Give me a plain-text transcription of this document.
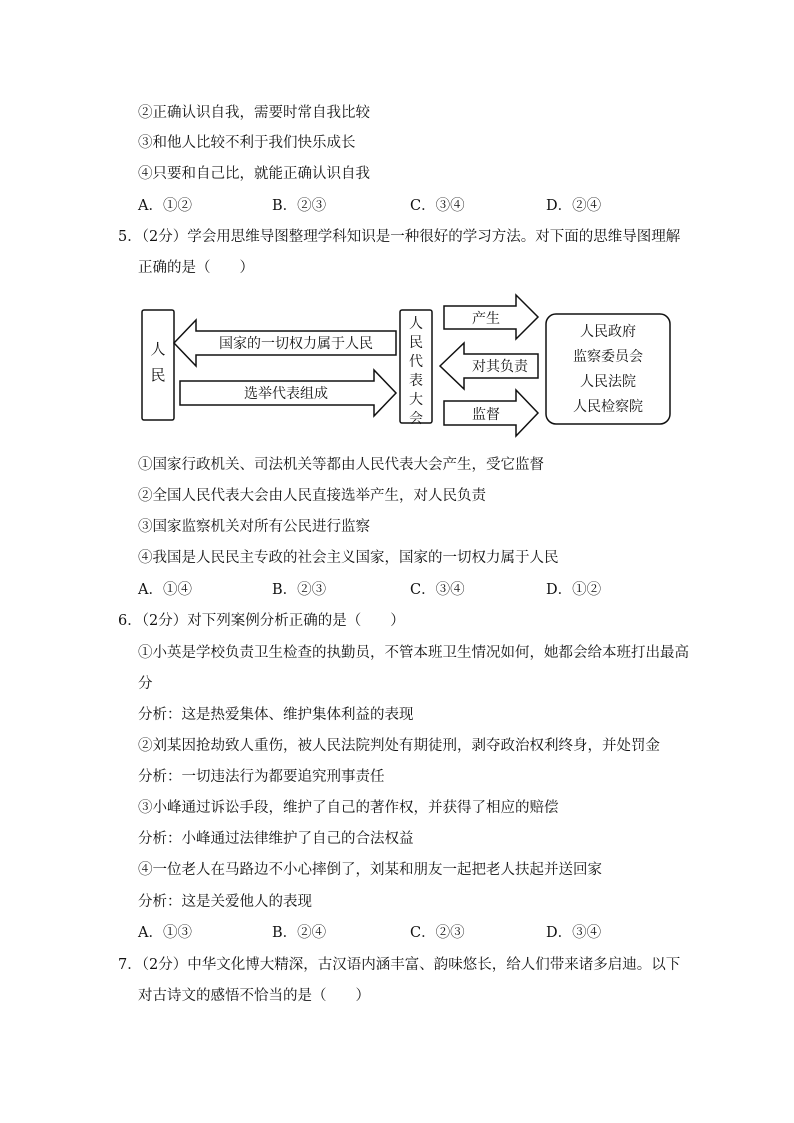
②正确认识自我，需要时常自我比较
③和他人比较不利于我们快乐成长
④只要和自己比，就能正确认识自我
A．①②	B．②③	C．③④	D．②④
5．（2分）学会用思维导图整理学科知识是一种很好的学习方法。对下面的思维导图理解
正确的是（　　）
人
民
国家的一切权力属于人民
选举代表组成
人
民
代
表
大
会
产生
对其负责
监督
人民政府
监察委员会
人民法院
人民检察院
①国家行政机关、司法机关等都由人民代表大会产生，受它监督
②全国人民代表大会由人民直接选举产生，对人民负责
③国家监察机关对所有公民进行监察
④我国是人民民主专政的社会主义国家，国家的一切权力属于人民
A．①④	B．②③	C．③④	D．①②
6．（2分）对下列案例分析正确的是（　　）
①小英是学校负责卫生检查的执勤员，不管本班卫生情况如何，她都会给本班打出最高
分
分析：这是热爱集体、维护集体利益的表现
②刘某因抢劫致人重伤，被人民法院判处有期徒刑，剥夺政治权利终身，并处罚金
分析：一切违法行为都要追究刑事责任
③小峰通过诉讼手段，维护了自己的著作权，并获得了相应的赔偿
分析：小峰通过法律维护了自己的合法权益
④一位老人在马路边不小心摔倒了，刘某和朋友一起把老人扶起并送回家
分析：这是关爱他人的表现
A．①③	B．②④	C．②③	D．③④
7．（2分）中华文化博大精深，古汉语内涵丰富、韵味悠长，给人们带来诸多启迪。以下
对古诗文的感悟不恰当的是（　　）
